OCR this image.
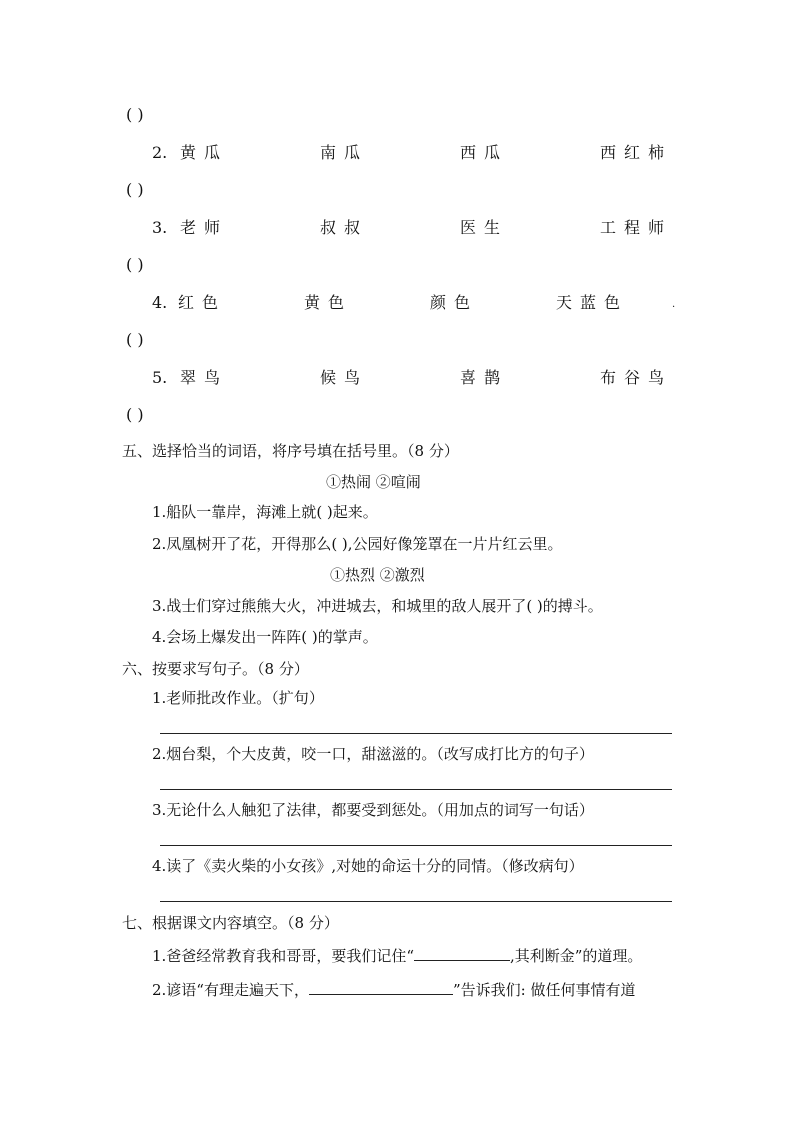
( )
2. 黄瓜	南瓜	西瓜	西红柿
( )
3. 老师	叔叔	医生	工程师
( )
4. 红色	黄色	颜色	天蓝色	.
( )
5. 翠鸟	候鸟	喜鹊	布谷鸟
( )
五、选择恰当的词语，将序号填在括号里。（8 分）
①热闹 ②喧闹
1.船队一靠岸，海滩上就( )起来。
2.凤凰树开了花，开得那么( ),公园好像笼罩在一片片红云里。
①热烈 ②激烈
3.战士们穿过熊熊大火，冲进城去，和城里的敌人展开了( )的搏斗。
4.会场上爆发出一阵阵( )的掌声。
六、按要求写句子。（8 分）
1.老师批改作业。（扩句）
2.烟台梨，个大皮黄，咬一口，甜滋滋的。（改写成打比方的句子）
3.无论什么人触犯了法律，都要受到惩处。（用加点的词写一句话）
4.读了《卖火柴的小女孩》,对她的命运十分的同情。（修改病句）
七、根据课文内容填空。（8 分）
1.爸爸经常教育我和哥哥，要我们记住“	,其利断金”的道理。
2.谚语“有理走遍天下，	”告诉我们: 做任何事情有道
